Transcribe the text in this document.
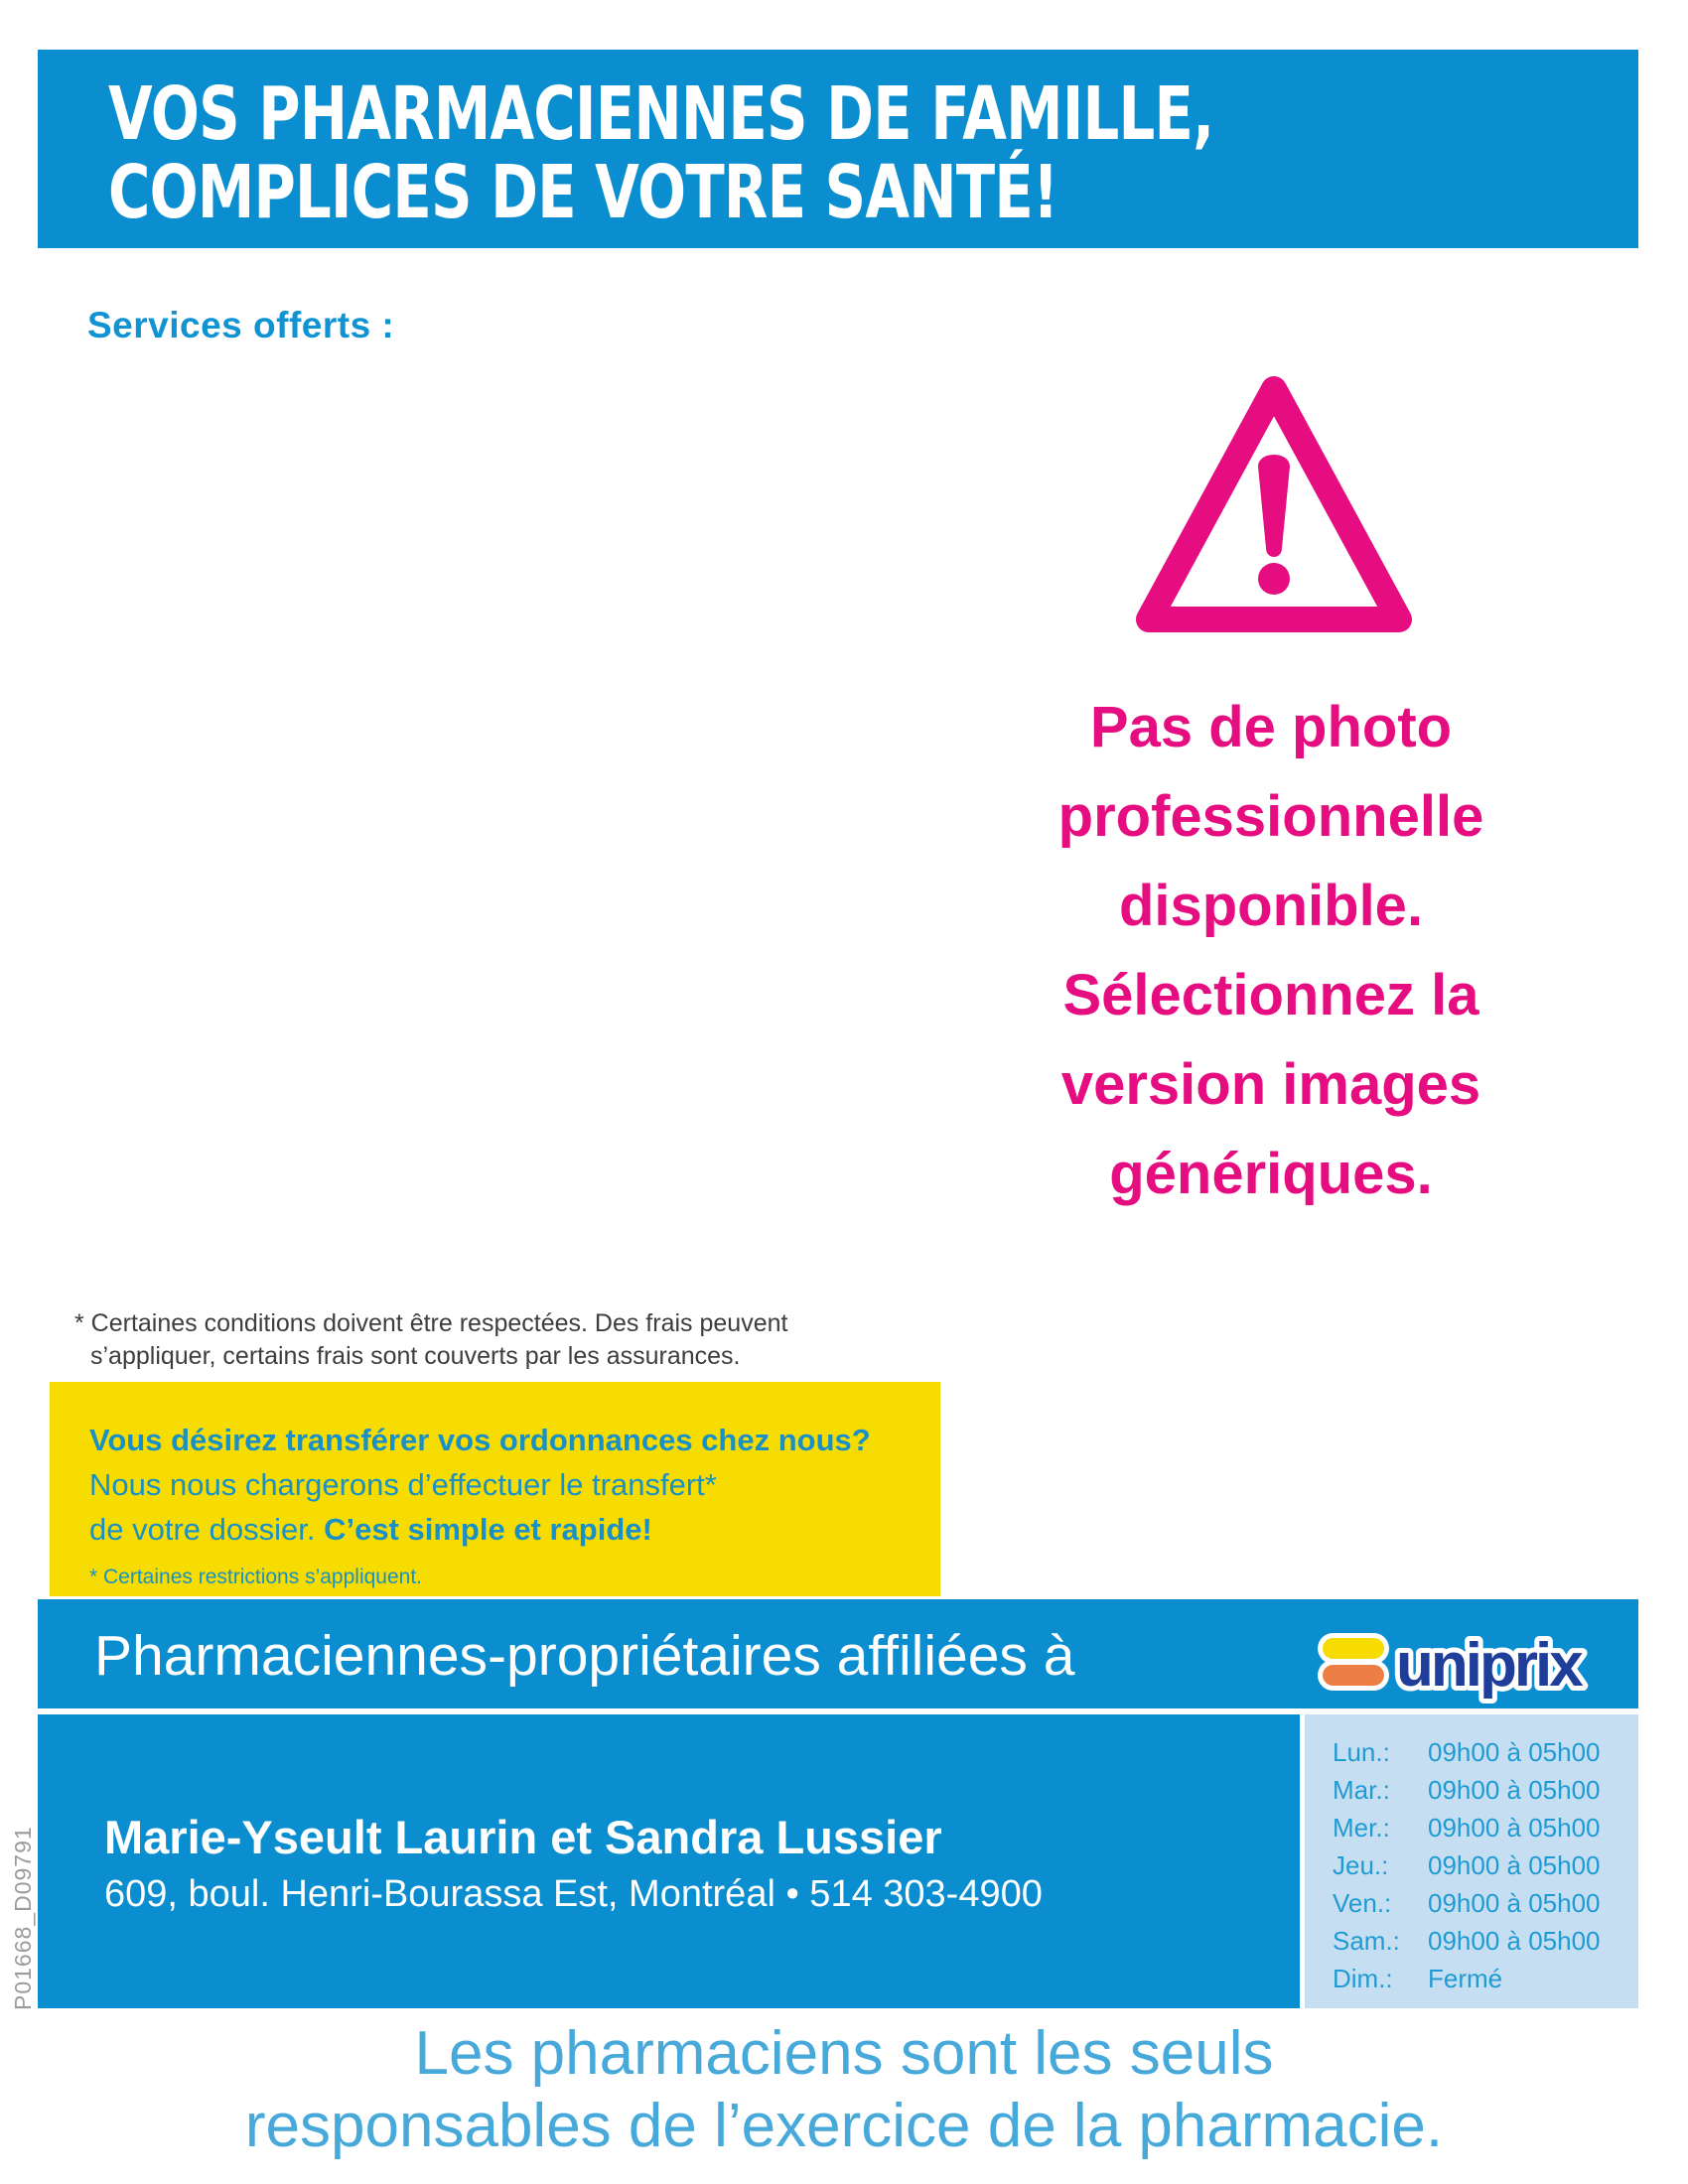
VOS PHARMACIENNES DE FAMILLE,
COMPLICES DE VOTRE SANTÉ!
Services offerts :
Pas de photo
professionnelle
disponible.
Sélectionnez la
version images
génériques.
* Certaines conditions doivent être respectées. Des frais peuvent
s’appliquer, certains frais sont couverts par les assurances.
Vous désirez transférer vos ordonnances chez nous?
Nous nous chargerons d’effectuer le transfert*
de votre dossier. C’est simple et rapide!
* Certaines restrictions s’appliquent.
Pharmaciennes-propriétaires affiliées à	uniprix
Marie-Yseult Laurin et Sandra Lussier
609, boul. Henri-Bourassa Est, Montréal • 514 303-4900
Lun.:	09h00 à 05h00
Mar.:	09h00 à 05h00
Mer.:	09h00 à 05h00
Jeu.:	09h00 à 05h00
Ven.:	09h00 à 05h00
Sam.:	09h00 à 05h00
Dim.:	Fermé
Les pharmaciens sont les seuls
responsables de l’exercice de la pharmacie.
P01668_D09791
